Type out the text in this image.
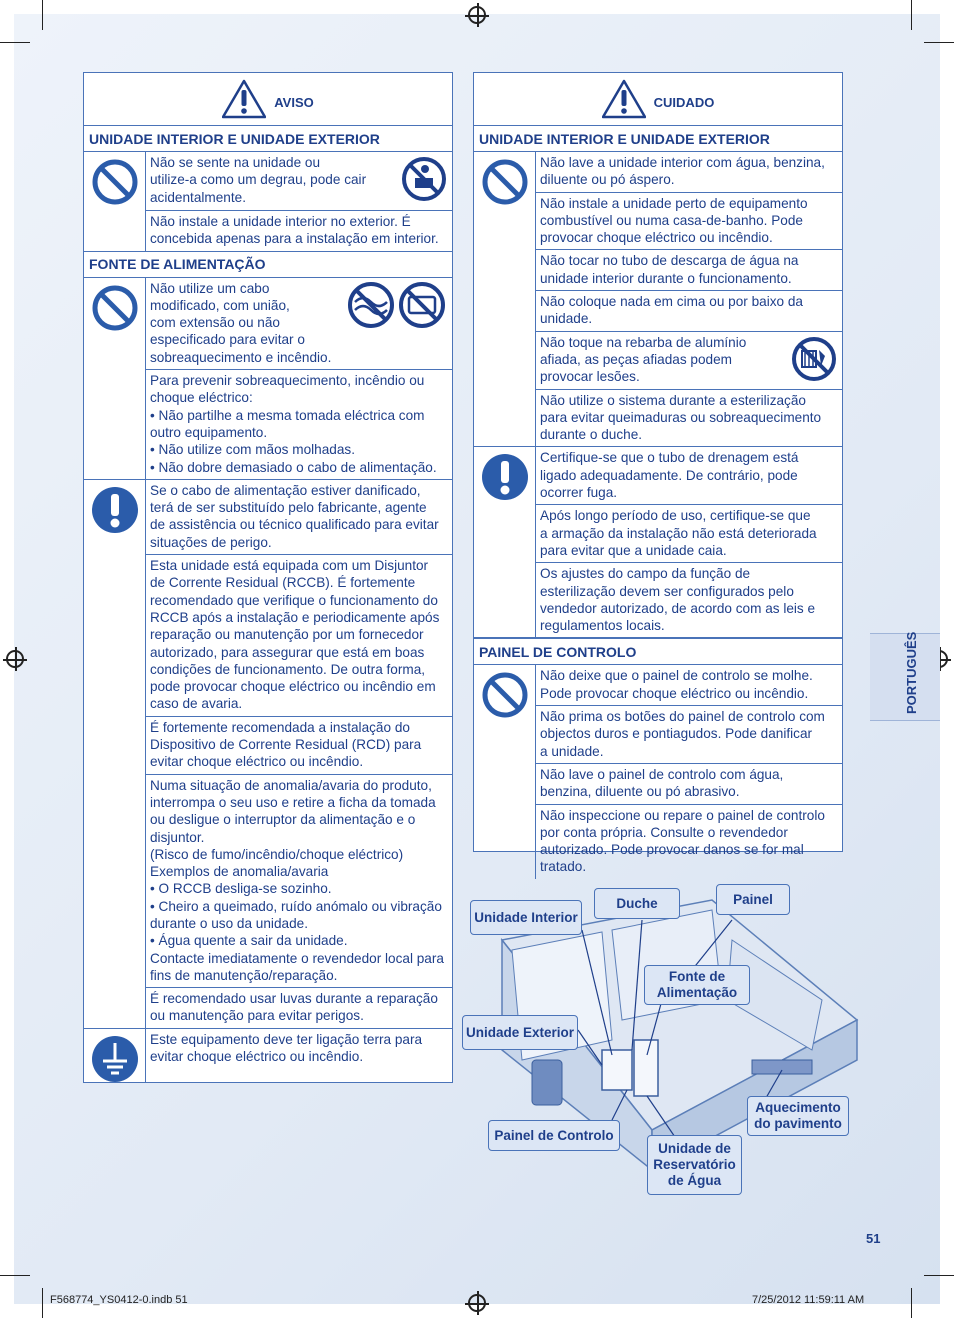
AVISO
UNIDADE INTERIOR E UNIDADE EXTERIOR

Não se sente na unidade ou
utilize-a como um degrau, pode cair
acidentalmente.

Não instale a unidade interior no exterior. É
concebida apenas para a instalação em interior.

FONTE DE ALIMENTAÇÃO

Não utilize um cabo
modificado, com união,
com extensão ou não
especificado para evitar o
sobreaquecimento e incêndio.

Para prevenir sobreaquecimento, incêndio ou
choque eléctrico:
• Não partilhe a mesma tomada eléctrica com
outro equipamento.
• Não utilize com mãos molhadas.
• Não dobre demasiado o cabo de alimentação.

Se o cabo de alimentação estiver danificado,
terá de ser substituído pelo fabricante, agente
de assistência ou técnico qualificado para evitar
situações de perigo.

Esta unidade está equipada com um Disjuntor
de Corrente Residual (RCCB). É fortemente
recomendado que verifique o funcionamento do
RCCB após a instalação e periodicamente após
reparação ou manutenção por um fornecedor
autorizado, para assegurar que está em boas
condições de funcionamento. De outra forma,
pode provocar choque eléctrico ou incêndio em
caso de avaria.

É fortemente recomendada a instalação do
Dispositivo de Corrente Residual (RCD) para
evitar choque eléctrico ou incêndio.

Numa situação de anomalia/avaria do produto,
interrompa o seu uso e retire a ficha da tomada
ou desligue o interruptor da alimentação e o
disjuntor.
(Risco de fumo/incêndio/choque eléctrico)
Exemplos de anomalia/avaria
• O RCCB desliga-se sozinho.
• Cheiro a queimado, ruído anómalo ou vibração
durante o uso da unidade.
• Água quente a sair da unidade.
Contacte imediatamente o revendedor local para
fins de manutenção/reparação.

É recomendado usar luvas durante a reparação
ou manutenção para evitar perigos.

Este equipamento deve ter ligação terra para
evitar choque eléctrico ou incêndio.

CUIDADO
UNIDADE INTERIOR E UNIDADE EXTERIOR

Não lave a unidade interior com água, benzina,
diluente ou pó áspero.

Não instale a unidade perto de equipamento
combustível ou numa casa-de-banho. Pode
provocar choque eléctrico ou incêndio.

Não tocar no tubo de descarga de água na
unidade interior durante o funcionamento.

Não coloque nada em cima ou por baixo da
unidade.

Não toque na rebarba de alumínio
afiada, as peças afiadas podem
provocar lesões.

Não utilize o sistema durante a esterilização
para evitar queimaduras ou sobreaquecimento
durante o duche.

Certifique-se que o tubo de drenagem está
ligado adequadamente. De contrário, pode
ocorrer fuga.

Após longo período de uso, certifique-se que
a armação da instalação não está deteriorada
para evitar que a unidade caia.

Os ajustes do campo da função de
esterilização devem ser configurados pelo
vendedor autorizado, de acordo com as leis e
regulamentos locais.

PAINEL DE CONTROLO

Não deixe que o painel de controlo se molhe.
Pode provocar choque eléctrico ou incêndio.

Não prima os botões do painel de controlo com
objectos duros e pontiagudos. Pode danificar
a unidade.

Não lave o painel de controlo com água,
benzina, diluente ou pó abrasivo.

Não inspeccione ou repare o painel de controlo
por conta própria. Consulte o revendedor
autorizado. Pode provocar danos se for mal
tratado.

PORTUGUÊS
Unidade Interior
Duche	Painel
Fonte de
Alimentação
Unidade Exterior
Aquecimento
do pavimento
Painel de Controlo
Unidade de
Reservatório
de Água
51
F568774_YS0412-0.indb 51	7/25/2012 11:59:11 AM
